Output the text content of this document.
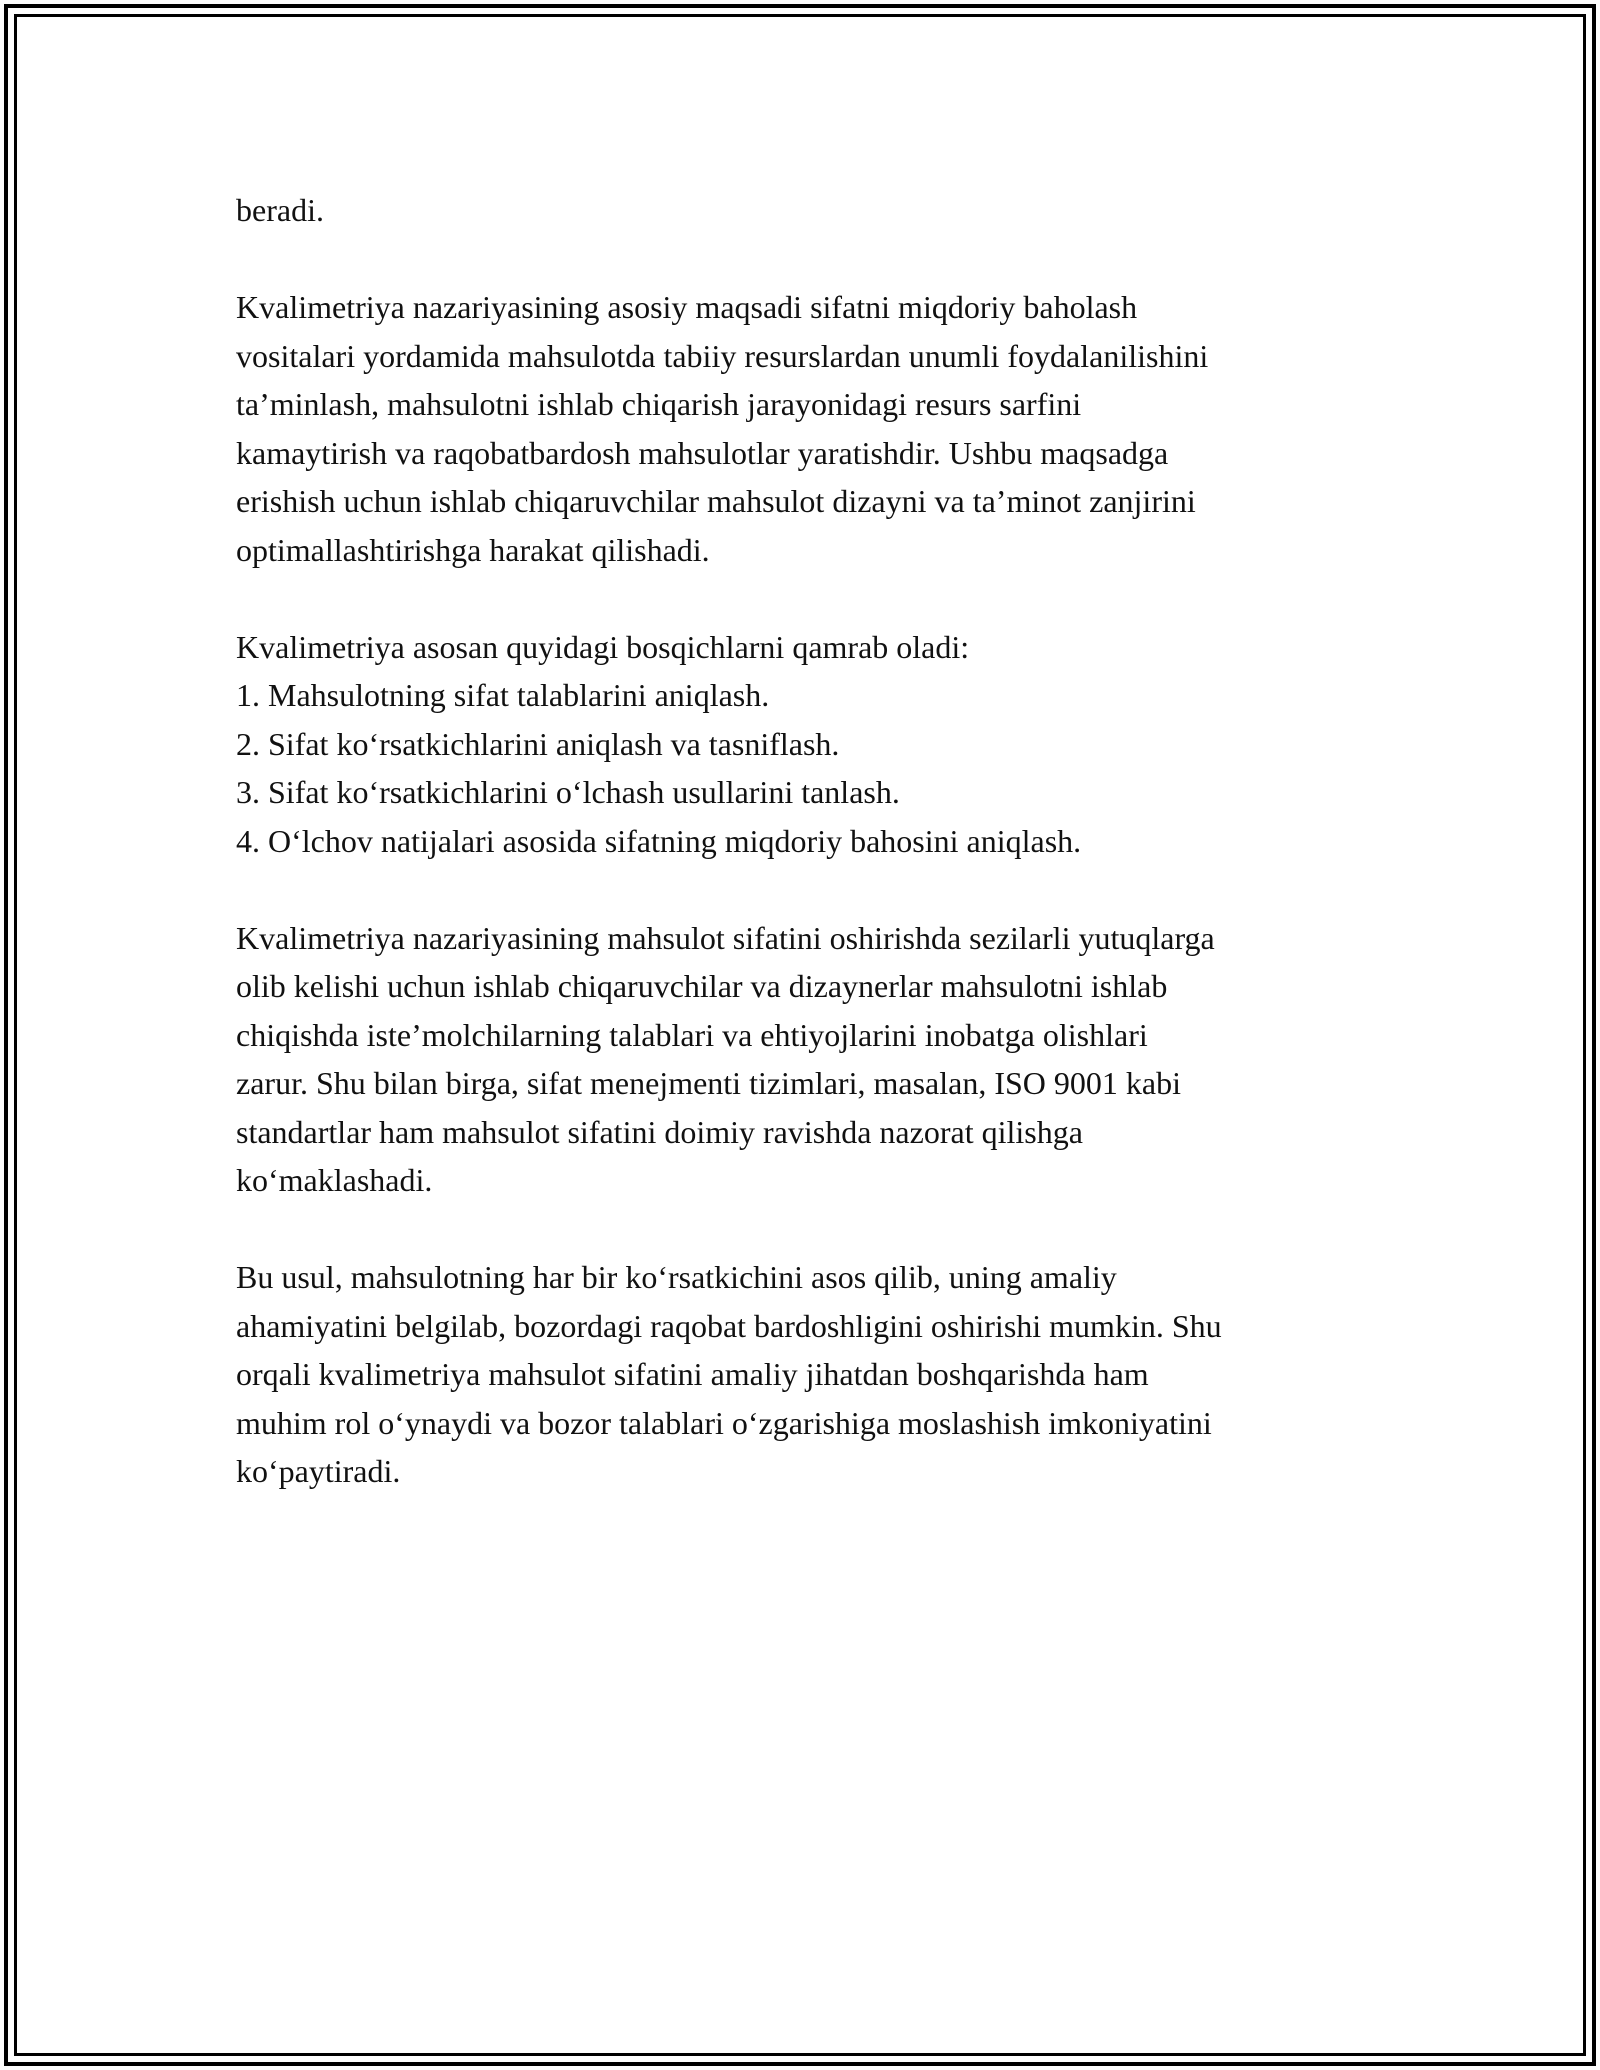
beradi.

Kvalimetriya nazariyasining asosiy maqsadi sifatni miqdoriy baholash

vositalari yordamida mahsulotda tabiiy resurslardan unumli foydalanilishini

ta’minlash, mahsulotni ishlab chiqarish jarayonidagi resurs sarfini

kamaytirish va raqobatbardosh mahsulotlar yaratishdir. Ushbu maqsadga

erishish uchun ishlab chiqaruvchilar mahsulot dizayni va ta’minot zanjirini

optimallashtirishga harakat qilishadi.

Kvalimetriya asosan quyidagi bosqichlarni qamrab oladi:

1. Mahsulotning sifat talablarini aniqlash.

2. Sifat ko‘rsatkichlarini aniqlash va tasniflash.

3. Sifat ko‘rsatkichlarini o‘lchash usullarini tanlash.

4. O‘lchov natijalari asosida sifatning miqdoriy bahosini aniqlash.

Kvalimetriya nazariyasining mahsulot sifatini oshirishda sezilarli yutuqlarga

olib kelishi uchun ishlab chiqaruvchilar va dizaynerlar mahsulotni ishlab

chiqishda iste’molchilarning talablari va ehtiyojlarini inobatga olishlari

zarur. Shu bilan birga, sifat menejmenti tizimlari, masalan, ISO 9001 kabi

standartlar ham mahsulot sifatini doimiy ravishda nazorat qilishga

ko‘maklashadi.

Bu usul, mahsulotning har bir ko‘rsatkichini asos qilib, uning amaliy

ahamiyatini belgilab, bozordagi raqobat bardoshligini oshirishi mumkin. Shu

orqali kvalimetriya mahsulot sifatini amaliy jihatdan boshqarishda ham

muhim rol o‘ynaydi va bozor talablari o‘zgarishiga moslashish imkoniyatini

ko‘paytiradi.
